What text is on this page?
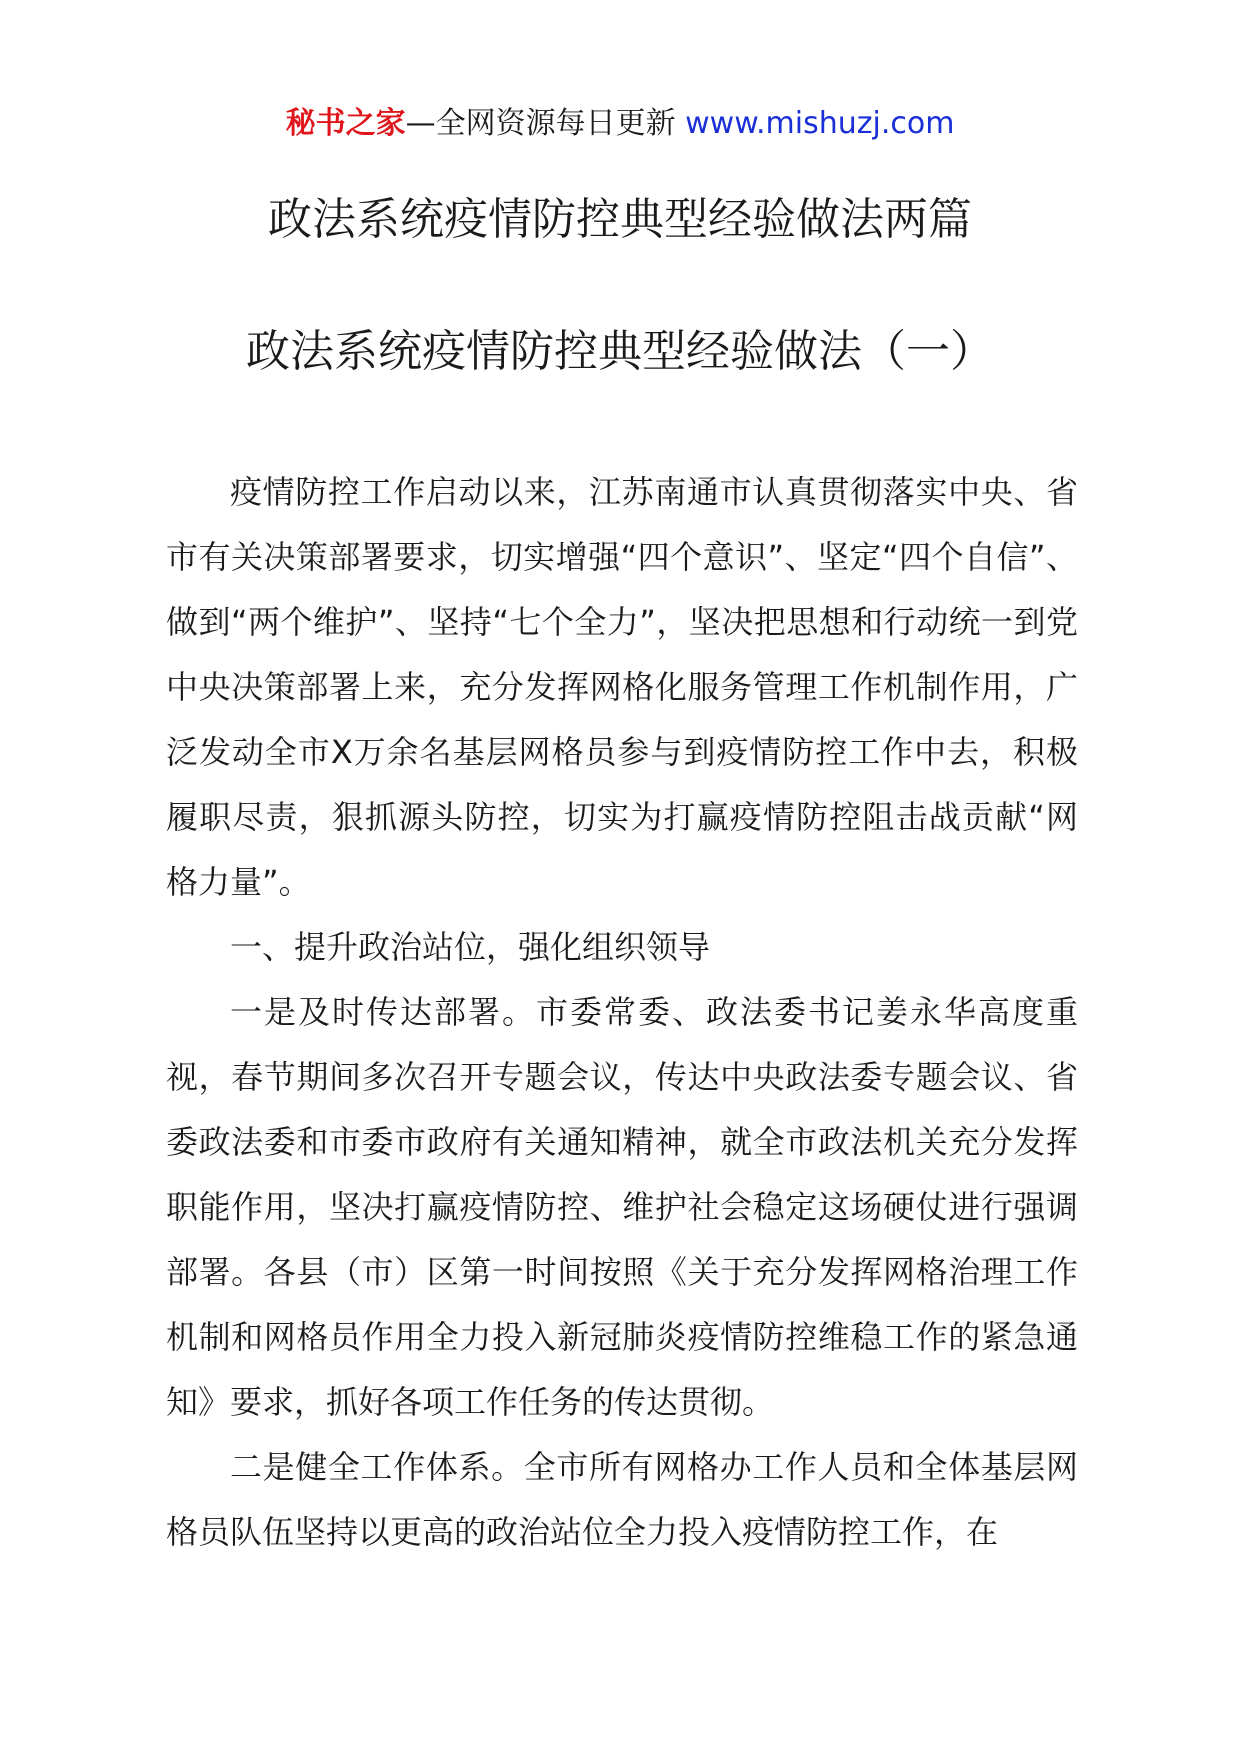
秘书之家—全网资源每日更新 www.mishuzj.com
政法系统疫情防控典型经验做法两篇
政法系统疫情防控典型经验做法（一）

疫情防控工作启动以来，江苏南通市认真贯彻落实中央、省市有关决策部署要求，切实增强“四个意识”、坚定“四个自信”、做到“两个维护”、坚持“七个全力”，坚决把思想和行动统一到党中央决策部署上来，充分发挥网格化服务管理工作机制作用，广泛发动全市X万余名基层网格员参与到疫情防控工作中去，积极履职尽责，狠抓源头防控，切实为打赢疫情防控阻击战贡献“网格力量”。

一、提升政治站位，强化组织领导

一是及时传达部署。市委常委、政法委书记姜永华高度重视，春节期间多次召开专题会议，传达中央政法委专题会议、省委政法委和市委市政府有关通知精神，就全市政法机关充分发挥职能作用，坚决打赢疫情防控、维护社会稳定这场硬仗进行强调部署。各县（市）区第一时间按照《关于充分发挥网格治理工作机制和网格员作用全力投入新冠肺炎疫情防控维稳工作的紧急通知》要求，抓好各项工作任务的传达贯彻。

二是健全工作体系。全市所有网格办工作人员和全体基层网格员队伍坚持以更高的政治站位全力投入疫情防控工作，在
